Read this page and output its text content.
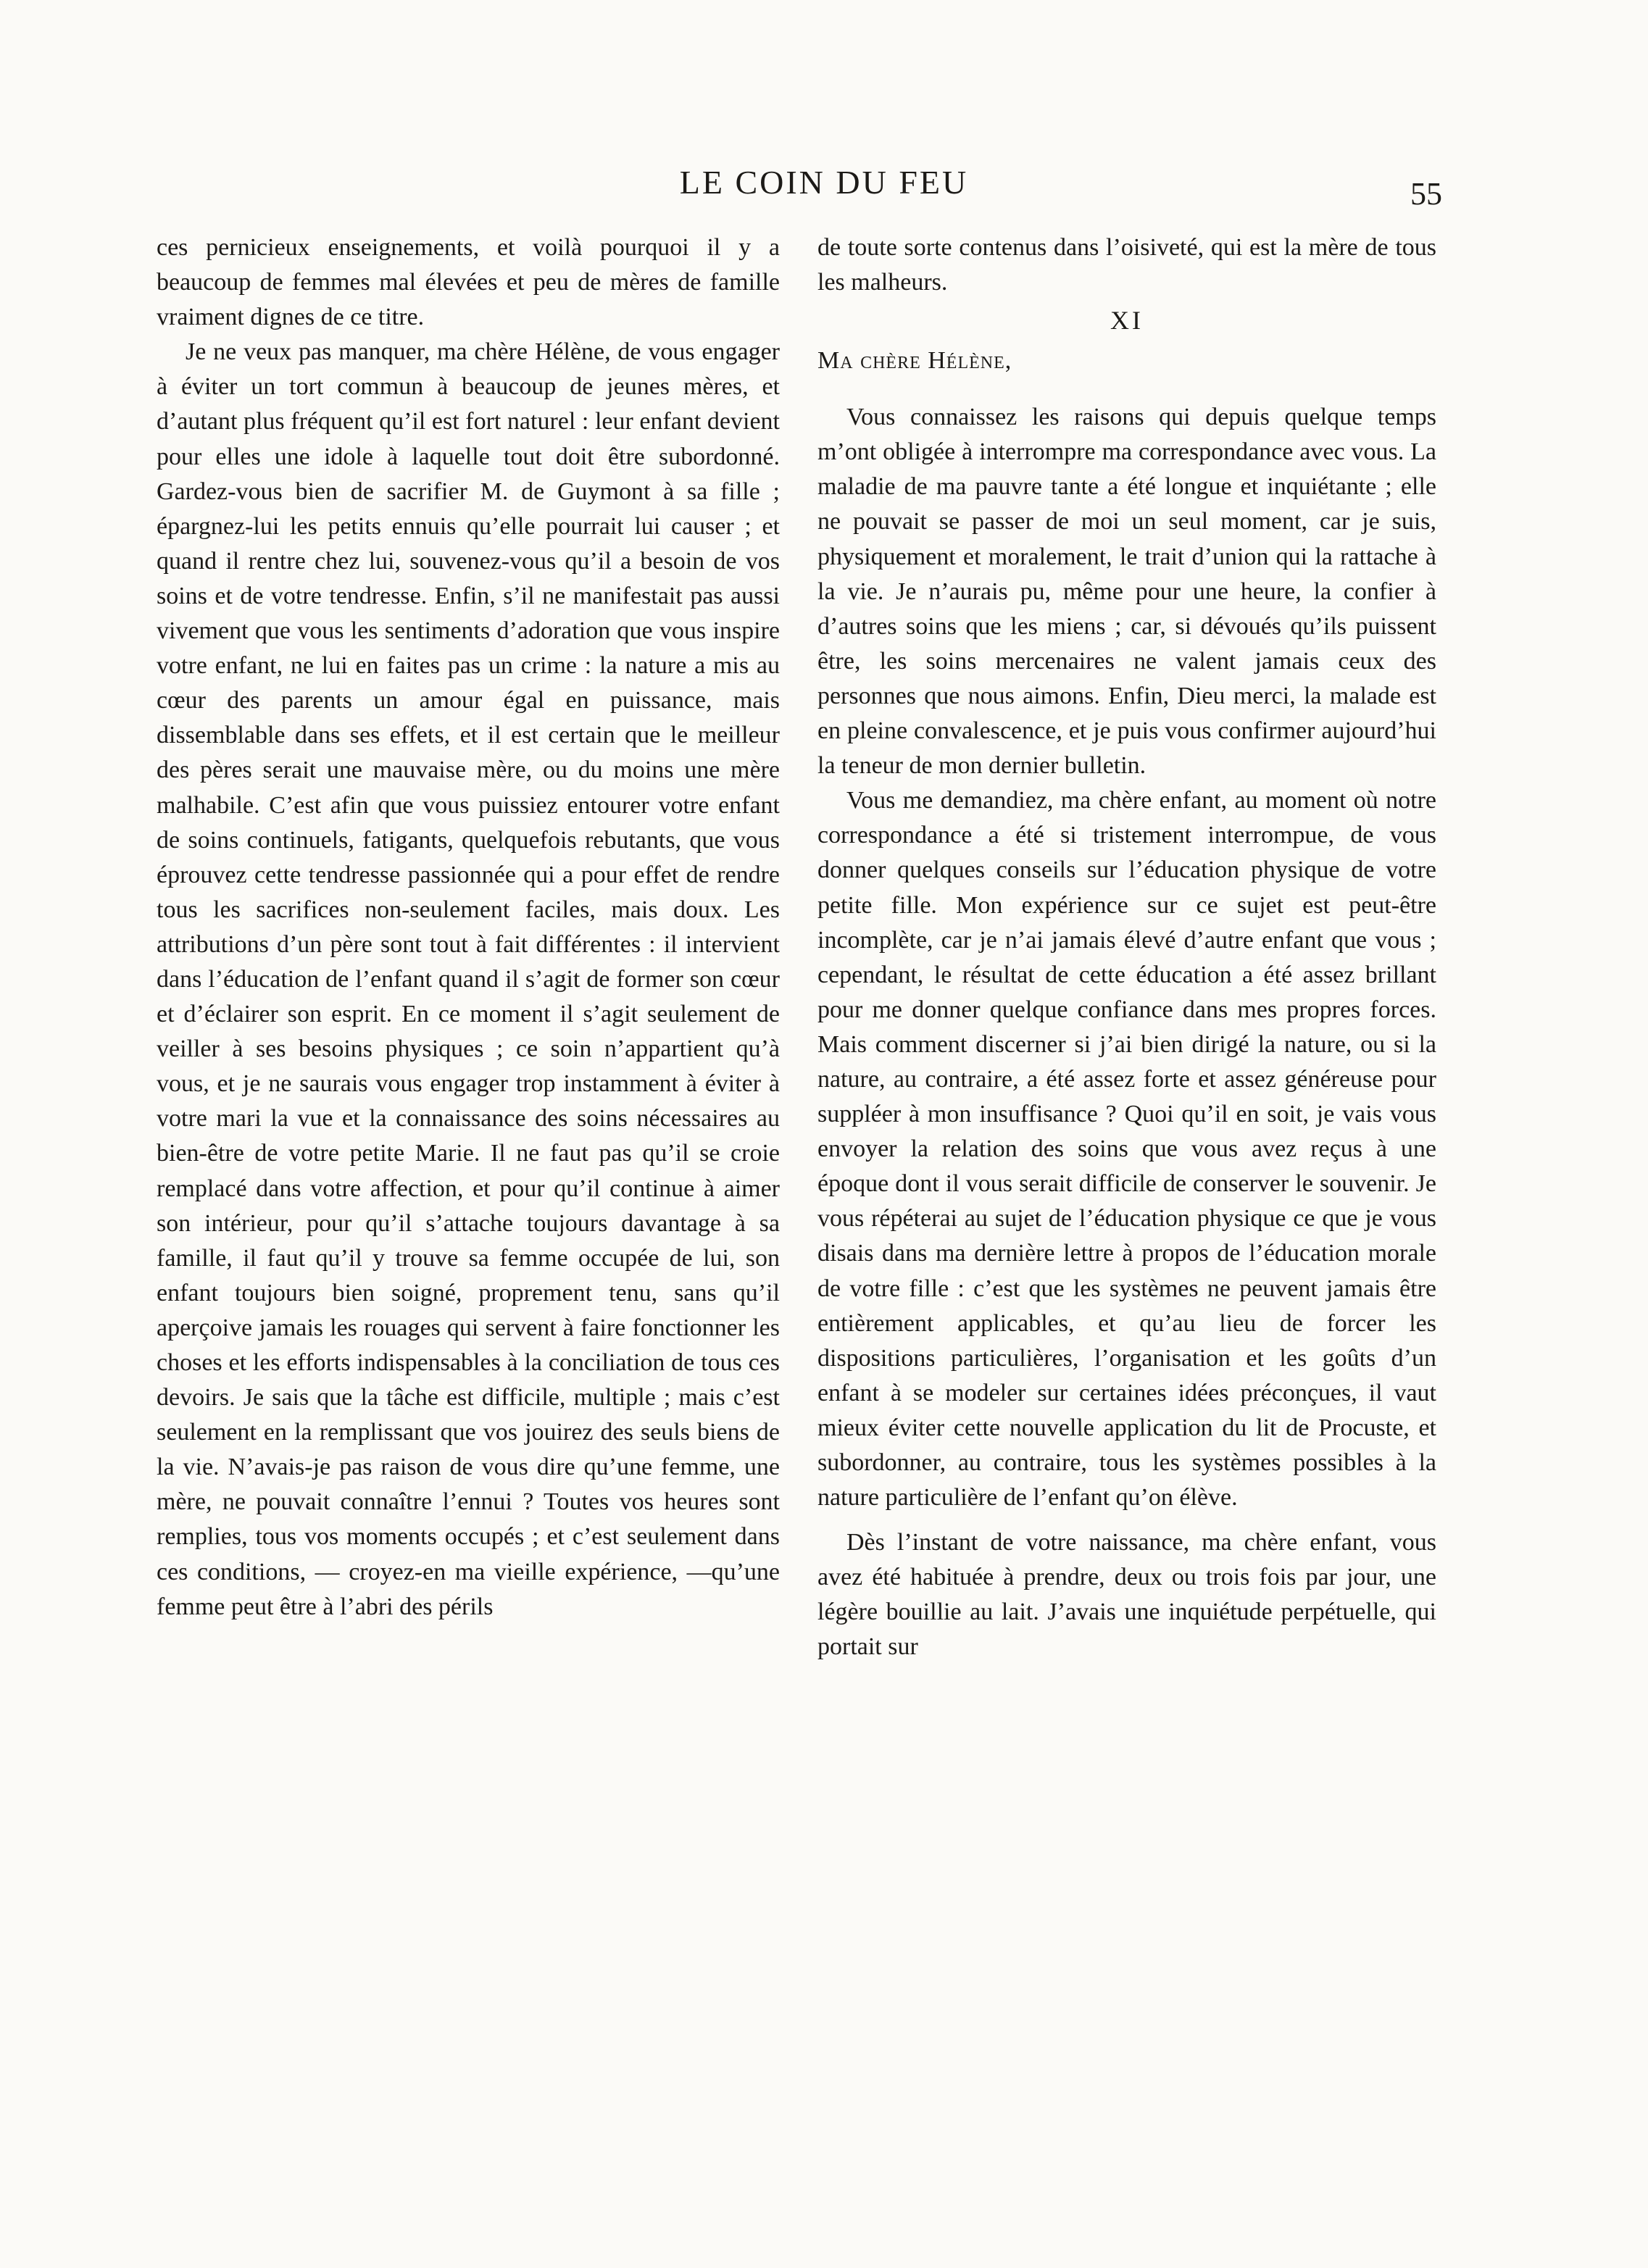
LE COIN DU FEU	55

ces pernicieux enseignements, et voilà pourquoi il y a beaucoup de femmes mal élevées et peu de mères de famille vraiment dignes de ce titre.

Je ne veux pas manquer, ma chère Hélène, de vous engager à éviter un tort commun à beaucoup de jeunes mères, et d’autant plus fréquent qu’il est fort naturel : leur enfant devient pour elles une idole à laquelle tout doit être subordonné. Gardez-vous bien de sacrifier M. de Guymont à sa fille ; épargnez-lui les petits ennuis qu’elle pourrait lui causer ; et quand il rentre chez lui, souvenez-vous qu’il a besoin de vos soins et de votre tendresse. Enfin, s’il ne manifestait pas aussi vivement que vous les sentiments d’adoration que vous inspire votre enfant, ne lui en faites pas un crime : la nature a mis au cœur des parents un amour égal en puissance, mais dissemblable dans ses effets, et il est certain que le meilleur des pères serait une mauvaise mère, ou du moins une mère malhabile. C’est afin que vous puissiez entourer votre enfant de soins continuels, fatigants, quelquefois rebutants, que vous éprouvez cette tendresse passionnée qui a pour effet de rendre tous les sacrifices non-seulement faciles, mais doux. Les attributions d’un père sont tout à fait différentes : il intervient dans l’éducation de l’enfant quand il s’agit de former son cœur et d’éclairer son esprit. En ce moment il s’agit seulement de veiller à ses besoins physiques ; ce soin n’appartient qu’à vous, et je ne saurais vous engager trop instamment à éviter à votre mari la vue et la connaissance des soins nécessaires au bien-être de votre petite Marie. Il ne faut pas qu’il se croie remplacé dans votre affection, et pour qu’il continue à aimer son intérieur, pour qu’il s’attache toujours davantage à sa famille, il faut qu’il y trouve sa femme occupée de lui, son enfant toujours bien soigné, proprement tenu, sans qu’il aperçoive jamais les rouages qui servent à faire fonctionner les choses et les efforts indispensables à la conciliation de tous ces devoirs. Je sais que la tâche est difficile, multiple ; mais c’est seulement en la remplissant que vos jouirez des seuls biens de la vie. N’avais-je pas raison de vous dire qu’une femme, une mère, ne pouvait connaître l’ennui ? Toutes vos heures sont remplies, tous vos moments occupés ; et c’est seulement dans ces conditions, — croyez-en ma vieille expérience, —qu’une femme peut être à l’abri des périls

de toute sorte contenus dans l’oisiveté, qui est la mère de tous les malheurs.

XI
Ma chère Hélène,

Vous connaissez les raisons qui depuis quelque temps m’ont obligée à interrompre ma correspondance avec vous. La maladie de ma pauvre tante a été longue et inquiétante ; elle ne pouvait se passer de moi un seul moment, car je suis, physiquement et moralement, le trait d’union qui la rattache à la vie. Je n’aurais pu, même pour une heure, la confier à d’autres soins que les miens ; car, si dévoués qu’ils puissent être, les soins mercenaires ne valent jamais ceux des personnes que nous aimons. Enfin, Dieu merci, la malade est en pleine convalescence, et je puis vous confirmer aujourd’hui la teneur de mon dernier bulletin.

Vous me demandiez, ma chère enfant, au moment où notre correspondance a été si tristement interrompue, de vous donner quelques conseils sur l’éducation physique de votre petite fille. Mon expérience sur ce sujet est peut-être incomplète, car je n’ai jamais élevé d’autre enfant que vous ; cependant, le résultat de cette éducation a été assez brillant pour me donner quelque confiance dans mes propres forces. Mais comment discerner si j’ai bien dirigé la nature, ou si la nature, au contraire, a été assez forte et assez généreuse pour suppléer à mon insuffisance ? Quoi qu’il en soit, je vais vous envoyer la relation des soins que vous avez reçus à une époque dont il vous serait difficile de conserver le souvenir. Je vous répéterai au sujet de l’éducation physique ce que je vous disais dans ma dernière lettre à propos de l’éducation morale de votre fille : c’est que les systèmes ne peuvent jamais être entièrement applicables, et qu’au lieu de forcer les dispositions particulières, l’organisation et les goûts d’un enfant à se modeler sur certaines idées préconçues, il vaut mieux éviter cette nouvelle application du lit de Procuste, et subordonner, au contraire, tous les systèmes possibles à la nature particulière de l’enfant qu’on élève.

Dès l’instant de votre naissance, ma chère enfant, vous avez été habituée à prendre, deux ou trois fois par jour, une légère bouillie au lait. J’avais une inquiétude perpétuelle, qui portait sur
